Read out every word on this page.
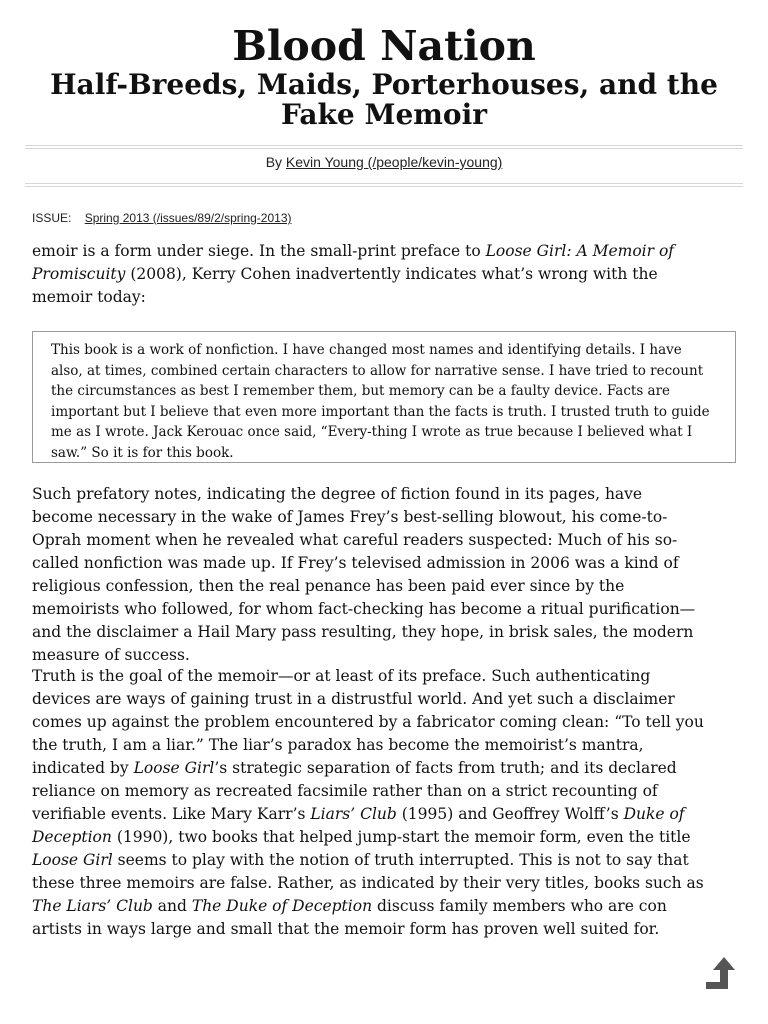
Blood Nation
Half-Breeds, Maids, Porterhouses, and the Fake Memoir
By Kevin Young (/people/kevin-young)
ISSUE: Spring 2013 (/issues/89/2/spring-2013)

emoir is a form under siege. In the small-print preface to Loose Girl: A Memoir of Promiscuity (2008), Kerry Cohen inadvertently indicates what’s wrong with the memoir today:

This book is a work of nonfiction. I have changed most names and identifying details. I have also, at times, combined certain characters to allow for narrative sense. I have tried to recount the circumstances as best I remember them, but memory can be a faulty device. Facts are important but I believe that even more important than the facts is truth. I trusted truth to guide me as I wrote. Jack Kerouac once said, “Every-thing I wrote as true because I believed what I saw.” So it is for this book.

Such prefatory notes, indicating the degree of fiction found in its pages, have become necessary in the wake of James Frey’s best-selling blowout, his come-to-Oprah moment when he revealed what careful readers suspected: Much of his so-called nonfiction was made up. If Frey’s televised admission in 2006 was a kind of religious confession, then the real penance has been paid ever since by the memoirists who followed, for whom fact-checking has become a ritual purification—and the disclaimer a Hail Mary pass resulting, they hope, in brisk sales, the modern measure of success.

Truth is the goal of the memoir—or at least of its preface. Such authenticating devices are ways of gaining trust in a distrustful world. And yet such a disclaimer comes up against the problem encountered by a fabricator coming clean: “To tell you the truth, I am a liar.” The liar’s paradox has become the memoirist’s mantra, indicated by Loose Girl’s strategic separation of facts from truth; and its declared reliance on memory as recreated facsimile rather than on a strict recounting of verifiable events. Like Mary Karr’s Liars’ Club (1995) and Geoffrey Wolff’s Duke of Deception (1990), two books that helped jump-start the memoir form, even the title Loose Girl seems to play with the notion of truth interrupted. This is not to say that these three memoirs are false. Rather, as indicated by their very titles, books such as The Liars’ Club and The Duke of Deception discuss family members who are con artists in ways large and small that the memoir form has proven well suited for.
